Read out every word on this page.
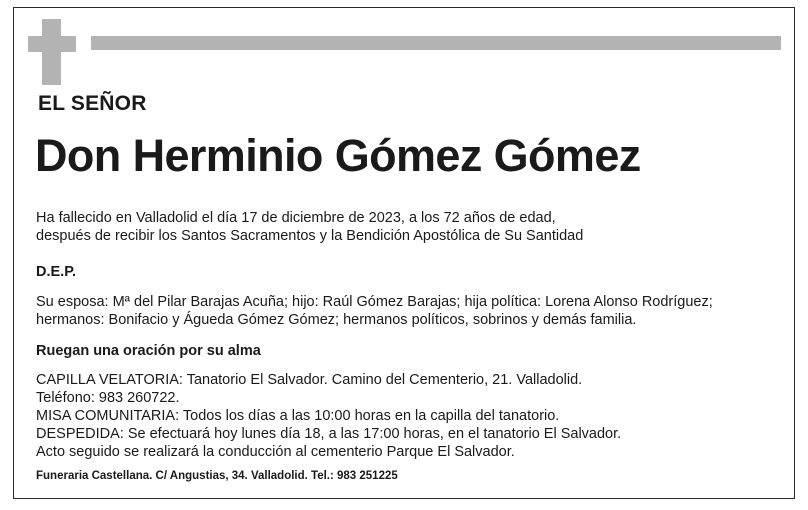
EL SEÑOR
Don Herminio Gómez Gómez
Ha fallecido en Valladolid el día 17 de diciembre de 2023, a los 72 años de edad,
después de recibir los Santos Sacramentos y la Bendición Apostólica de Su Santidad
D.E.P.
Su esposa: Mª del Pilar Barajas Acuña; hijo: Raúl Gómez Barajas; hija política: Lorena Alonso Rodríguez;
hermanos: Bonifacio y Águeda Gómez Gómez; hermanos políticos, sobrinos y demás familia.
Ruegan una oración por su alma
CAPILLA VELATORIA: Tanatorio El Salvador. Camino del Cementerio, 21. Valladolid.
Teléfono: 983 260722.
MISA COMUNITARIA: Todos los días a las 10:00 horas en la capilla del tanatorio.
DESPEDIDA: Se efectuará hoy lunes día 18, a las 17:00 horas, en el tanatorio El Salvador.
Acto seguido se realizará la conducción al cementerio Parque El Salvador.
Funeraria Castellana. C/ Angustias, 34. Valladolid. Tel.: 983 251225
